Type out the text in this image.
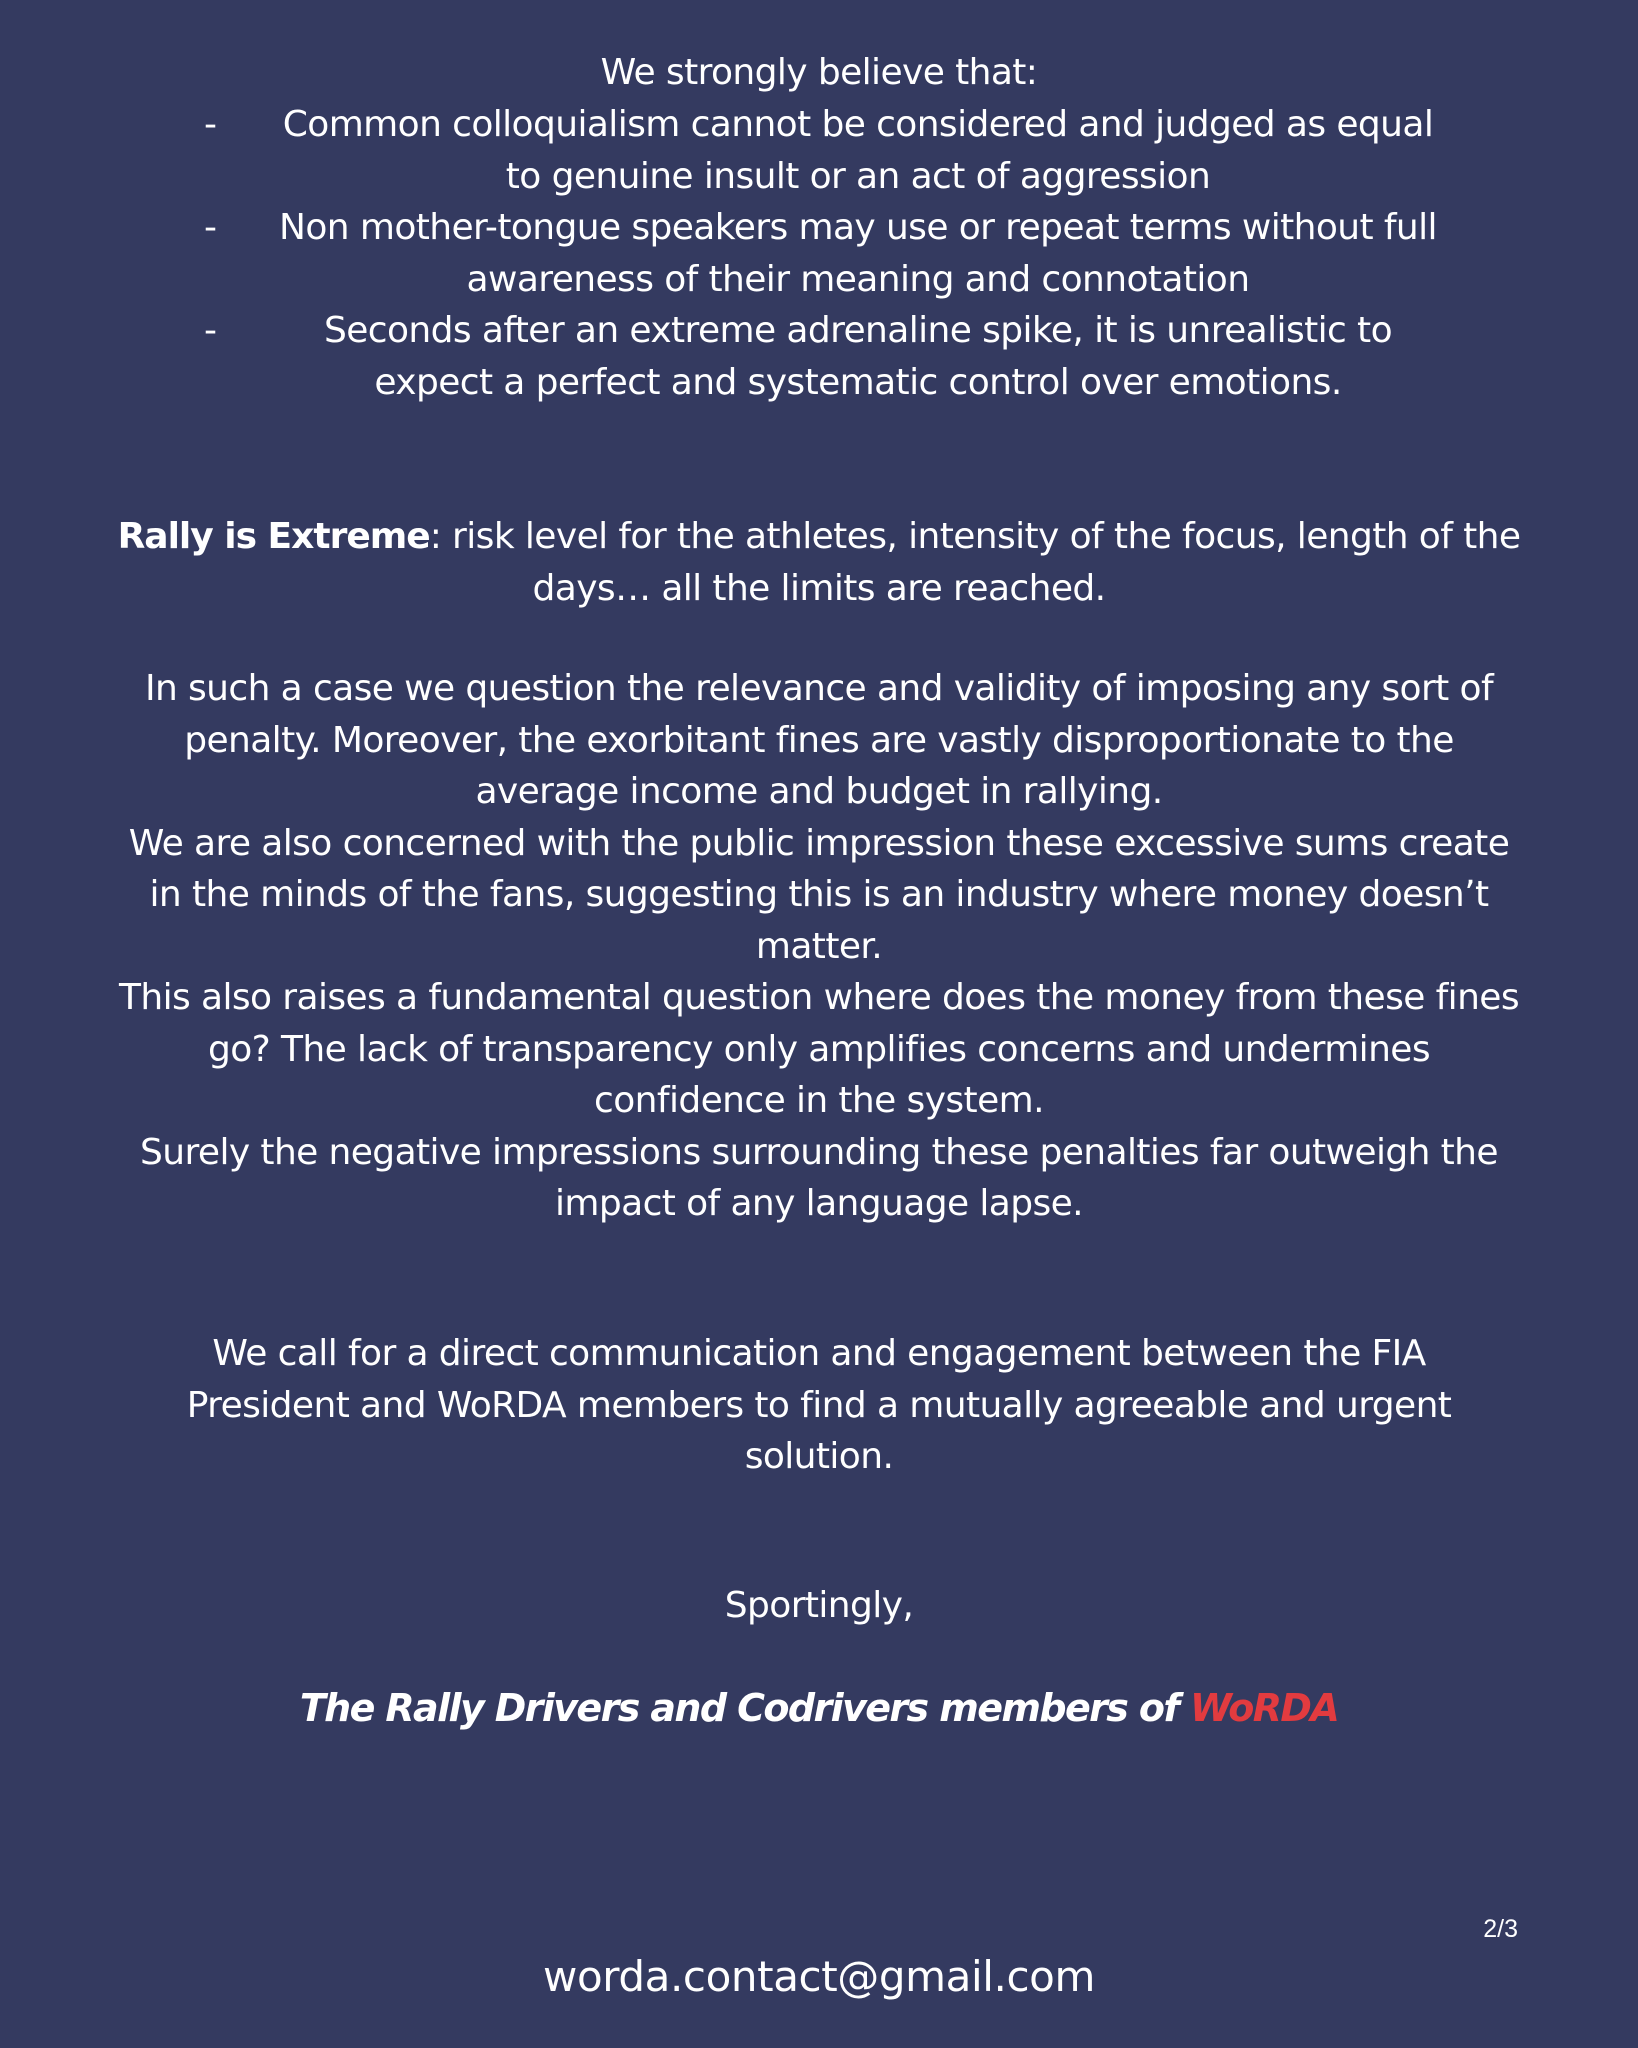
We strongly believe that:

- Common colloquialism cannot be considered and judged as equal to genuine insult or an act of aggression
- Non mother-tongue speakers may use or repeat terms without full awareness of their meaning and connotation
-	Seconds after an extreme adrenaline spike, it is unrealistic to expect a perfect and systematic control over emotions.

Rally is Extreme: risk level for the athletes, intensity of the focus, length of the days… all the limits are reached.

In such a case we question the relevance and validity of imposing any sort of penalty. Moreover, the exorbitant fines are vastly disproportionate to the average income and budget in rallying.
We are also concerned with the public impression these excessive sums create in the minds of the fans, suggesting this is an industry where money doesn’t matter.
This also raises a fundamental question where does the money from these fines go? The lack of transparency only amplifies concerns and undermines confidence in the system.
Surely the negative impressions surrounding these penalties far outweigh the impact of any language lapse.

We call for a direct communication and engagement between the FIA President and WoRDA members to find a mutually agreeable and urgent solution.

Sportingly,

The Rally Drivers and Codrivers members of WoRDA

2/3

worda.contact@gmail.com
